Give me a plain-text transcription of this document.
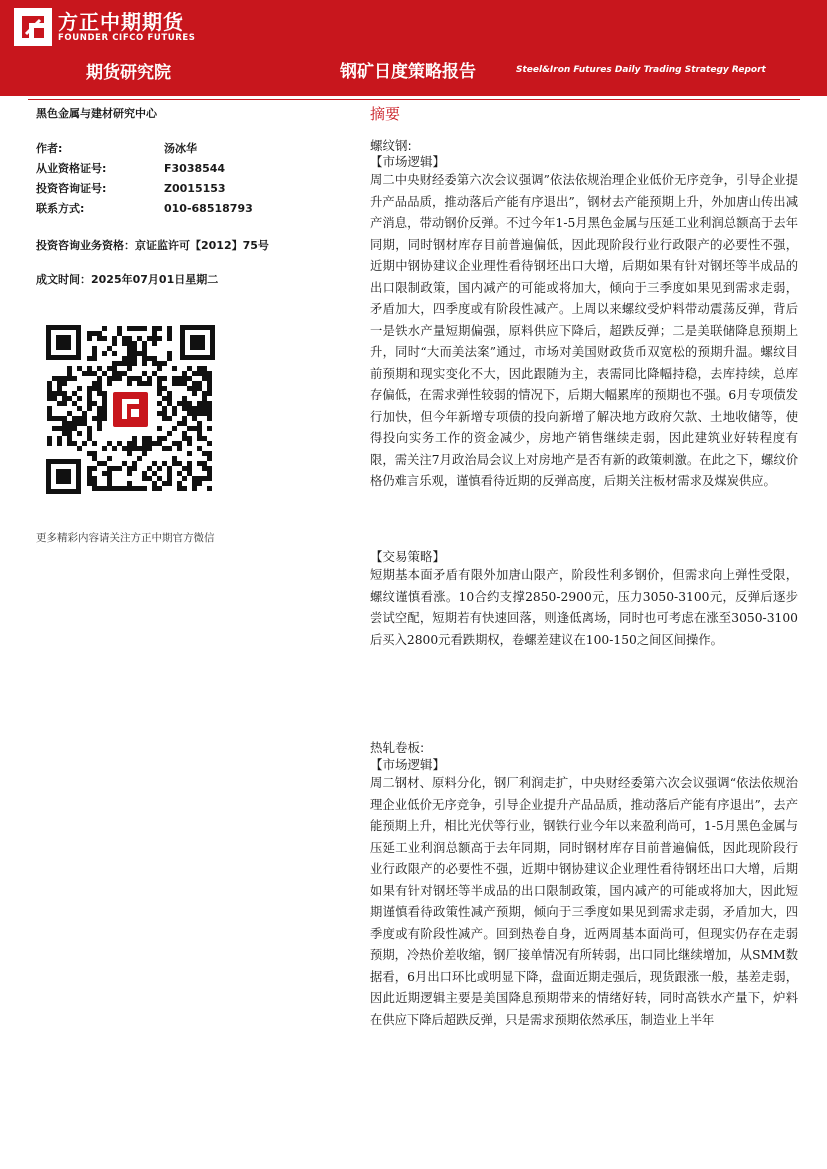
方正中期期货
FOUNDER CIFCO FUTURES
期货研究院	钢矿日度策略报告	Steel&Iron Futures Daily Trading Strategy Report
黑色金属与建材研究中心
作者:	汤冰华
从业资格证号:	F3038544
投资咨询证号:	Z0015153
联系方式:	010-68518793
投资咨询业务资格：京证监许可【2012】75号
成文时间：2025年07月01日星期二
更多精彩内容请关注方正中期官方微信
摘要
螺纹钢:
【市场逻辑】

周二中央财经委第六次会议强调”依法依规治理企业低价无序竞争，引导企业提升产品品质，推动落后产能有序退出”，钢材去产能预期上升，外加唐山传出减产消息，带动钢价反弹。不过今年1-5月黑色金属与压延工业利润总额高于去年同期，同时钢材库存目前普遍偏低，因此现阶段行业行政限产的必要性不强，近期中钢协建议企业理性看待钢坯出口大增，后期如果有针对钢坯等半成品的出口限制政策，国内减产的可能或将加大，倾向于三季度如果见到需求走弱，矛盾加大，四季度或有阶段性减产。上周以来螺纹受炉料带动震荡反弹，背后一是铁水产量短期偏强，原料供应下降后，超跌反弹；二是美联储降息预期上升，同时“大而美法案”通过，市场对美国财政货币双宽松的预期升温。螺纹目前预期和现实变化不大，因此跟随为主，表需同比降幅持稳，去库持续，总库存偏低，在需求弹性较弱的情况下，后期大幅累库的预期也不强。6月专项债发行加快，但今年新增专项债的投向新增了解决地方政府欠款、土地收储等，使得投向实务工作的资金减少，房地产销售继续走弱，因此建筑业好转程度有限，需关注7月政治局会议上对房地产是否有新的政策刺激。在此之下，螺纹价格仍难言乐观，谨慎看待近期的反弹高度，后期关注板材需求及煤炭供应。

【交易策略】

短期基本面矛盾有限外加唐山限产，阶段性利多钢价，但需求向上弹性受限，螺纹谨慎看涨。10合约支撑2850-2900元，压力3050-3100元，反弹后逐步尝试空配，短期若有快速回落，则逢低离场，同时也可考虑在涨至3050-3100后买入2800元看跌期权，卷螺差建议在100-150之间区间操作。

热轧卷板:
【市场逻辑】

周二钢材、原料分化，钢厂利润走扩，中央财经委第六次会议强调“依法依规治理企业低价无序竞争，引导企业提升产品品质，推动落后产能有序退出”，去产能预期上升，相比光伏等行业，钢铁行业今年以来盈利尚可，1-5月黑色金属与压延工业利润总额高于去年同期，同时钢材库存目前普遍偏低，因此现阶段行业行政限产的必要性不强，近期中钢协建议企业理性看待钢坯出口大增，后期如果有针对钢坯等半成品的出口限制政策，国内减产的可能或将加大，因此短期谨慎看待政策性减产预期，倾向于三季度如果见到需求走弱，矛盾加大，四季度或有阶段性减产。回到热卷自身，近两周基本面尚可，但现实仍存在走弱预期，冷热价差收缩，钢厂接单情况有所转弱，出口同比继续增加，从SMM数据看，6月出口环比或明显下降，盘面近期走强后，现货跟涨一般，基差走弱，因此近期逻辑主要是美国降息预期带来的情绪好转，同时高铁水产量下，炉料在供应下降后超跌反弹，只是需求预期依然承压，制造业上半年
